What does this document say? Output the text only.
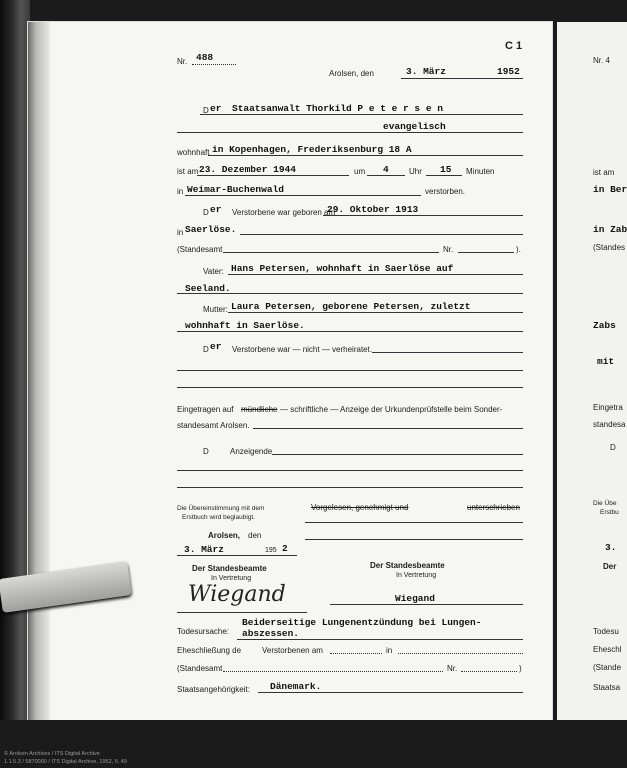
C 1
Nr. 488
Arolsen, den	3. März	1952
D er Staatsanwalt Thorkild P e t e r s e n
evangelisch
wohnhaft in Kopenhagen, Frederiksenburg 18 A
ist am 23. Dezember 1944	um 4	Uhr 15 Minuten
in Weimar-Buchenwald	verstorben.
D er Verstorbene war geboren am
29. Oktober 1913
in Saerlöse.
(Standesamt	Nr.	).
Vater: Hans Petersen, wohnhaft in Saerlöse auf
Seeland.
Mutter: Laura Petersen, geborene Petersen, zuletzt
wohnhaft in Saerlöse.
D er Verstorbene war — nicht — verheiratet.
Eingetragen auf mündliche — schriftliche — Anzeige der Urkundenprüfstelle beim Sonder-
standesamt Arolsen.
D	Anzeigende
Die Übereinstimmung mit dem
Erstbuch wird beglaubigt.
Vorgelesen, genehmigt und	unterschrieben
Arolsen, den
3. März	195 2
Der Standesbeamte
In Vertretung
Wiegand
Der Standesbeamte
In Vertretung
Wiegand
Todesursache:
Beiderseitige Lungenentzündung bei Lungen-
abszessen.
Eheschließung de	Verstorbenen am	in
(Standesamt	Nr.	)
Staatsangehörigkeit: Dänemark.
Nr. 4
ist am
in Ber
in Zab
(Standes
Zabs
mit
Eingetra
standesa
D
Die Übe
Erstbu
3.
Der
Todesu
Eheschl
(Stande
Staatsa
© Arolsen Archives / ITS Digital Archive
1.1.5.3 / 5870000 / ITS Digital Archive, 1952, II, 49
